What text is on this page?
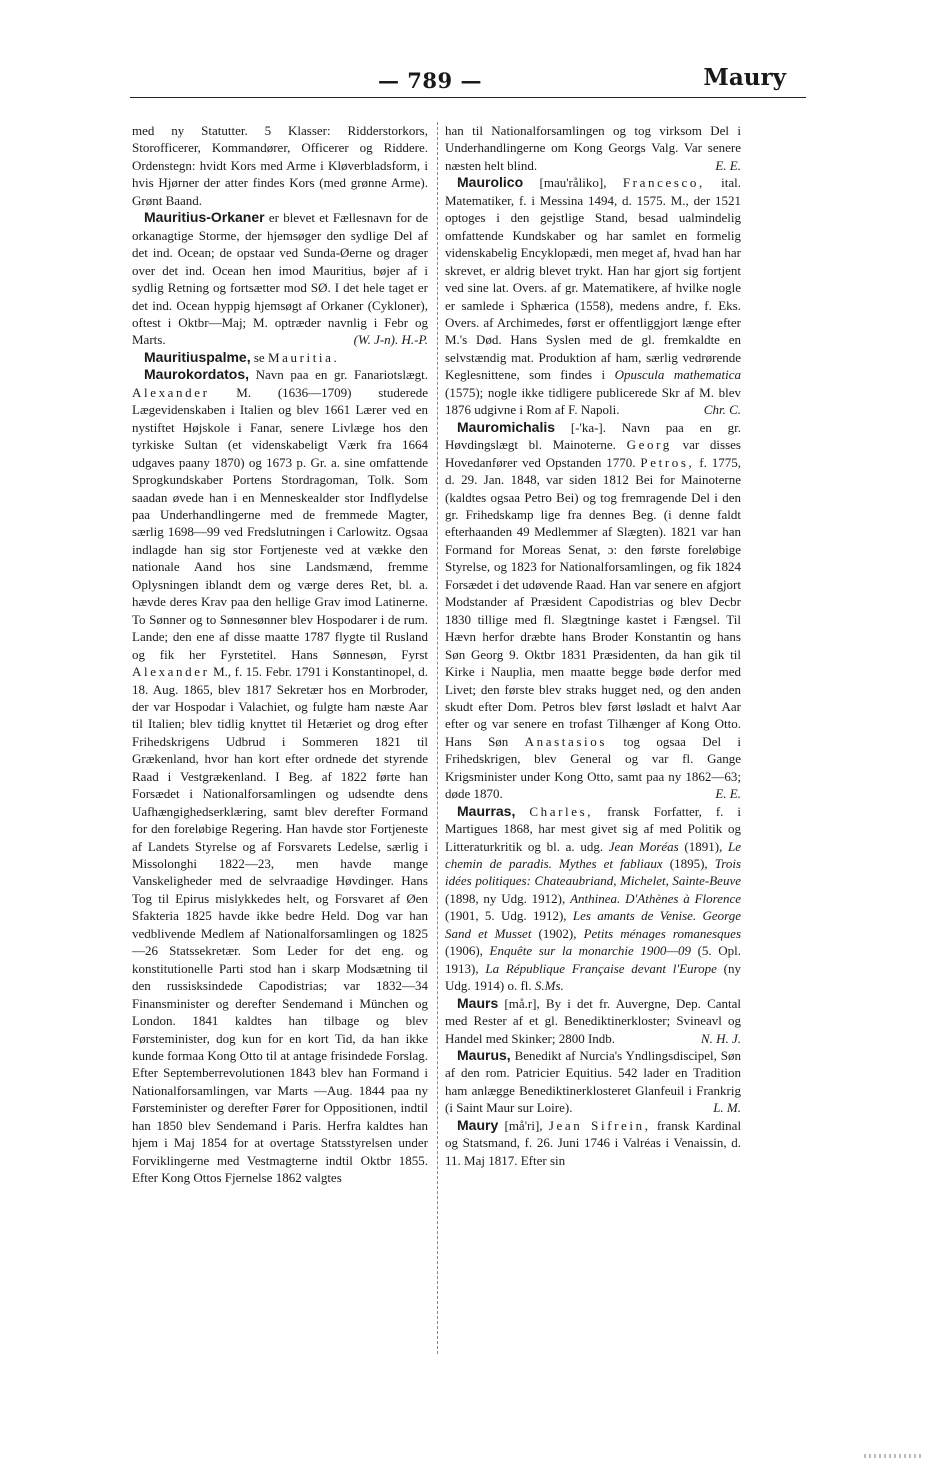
— 789 —	Maury

med ny Statutter. 5 Klasser: Ridderstorkors, Storofficerer, Kommandører, Officerer og Riddere. Ordenstegn: hvidt Kors med Arme i Kløverbladsform, i hvis Hjørner der atter findes Kors (med grønne Arme). Grønt Baand.

Mauritius-Orkaner er blevet et Fællesnavn for de orkanagtige Storme, der hjemsøger den sydlige Del af det ind. Ocean; de opstaar ved Sunda-Øerne og drager over det ind. Ocean hen imod Mauritius, bøjer af i sydlig Retning og fortsætter mod SØ. I det hele taget er det ind. Ocean hyppig hjemsøgt af Orkaner (Cykloner), oftest i Oktbr—Maj; M. optræder navnlig i Febr og Marts.	(W. J-n). H.-P.

Mauritiuspalme, se Mauritia.

Maurokordatos, Navn paa en gr. Fanariotslægt. Alexander M. (1636—1709) studerede Lægevidenskaben i Italien og blev 1661 Lærer ved en nystiftet Højskole i Fanar, senere Livlæge hos den tyrkiske Sultan (et videnskabeligt Værk fra 1664 udgaves paany 1870) og 1673 p. Gr. a. sine omfattende Sprogkundskaber Portens Stordragoman, Tolk. Som saadan øvede han i en Menneskealder stor Indflydelse paa Underhandlingerne med de fremmede Magter, særlig 1698—99 ved Fredslutningen i Carlowitz. Ogsaa indlagde han sig stor Fortjeneste ved at vække den nationale Aand hos sine Landsmænd, fremme Oplysningen iblandt dem og værge deres Ret, bl. a. hævde deres Krav paa den hellige Grav imod Latinerne. To Sønner og to Sønnesønner blev Hospodarer i de rum. Lande; den ene af disse maatte 1787 flygte til Rusland og fik her Fyrstetitel. Hans Sønnesøn, Fyrst Alexander M., f. 15. Febr. 1791 i Konstantinopel, d. 18. Aug. 1865, blev 1817 Sekretær hos en Morbroder, der var Hospodar i Valachiet, og fulgte ham næste Aar til Italien; blev tidlig knyttet til Hetæriet og drog efter Frihedskrigens Udbrud i Sommeren 1821 til Grækenland, hvor han kort efter ordnede det styrende Raad i Vestgrækenland. I Beg. af 1822 førte han Forsædet i Nationalforsamlingen og udsendte dens Uafhængighedserklæring, samt blev derefter Formand for den foreløbige Regering. Han havde stor Fortjeneste af Landets Styrelse og af Forsvarets Ledelse, særlig i Missolonghi 1822—23, men havde mange Vanskeligheder med de selvraadige Høvdinger. Hans Tog til Epirus mislykkedes helt, og Forsvaret af Øen Sfakteria 1825 havde ikke bedre Held. Dog var han vedblivende Medlem af Nationalforsamlingen og 1825—26 Statssekretær. Som Leder for det eng. og konstitutionelle Parti stod han i skarp Modsætning til den russisksindede Capodistrias; var 1832—34 Finansminister og derefter Sendemand i München og London. 1841 kaldtes han tilbage og blev Førsteminister, dog kun for en kort Tid, da han ikke kunde formaa Kong Otto til at antage frisindede Forslag. Efter Septemberrevolutionen 1843 blev han Formand i Nationalforsamlingen, var Marts —Aug. 1844 paa ny Førsteminister og derefter Fører for Oppositionen, indtil han 1850 blev Sendemand i Paris. Herfra kaldtes han hjem i Maj 1854 for at overtage Statsstyrelsen under Forviklingerne med Vestmagterne indtil Oktbr 1855. Efter Kong Ottos Fjernelse 1862 valgtes

han til Nationalforsamlingen og tog virksom Del i Underhandlingerne om Kong Georgs Valg. Var senere næsten helt blind.	E. E.

Maurolico [mau'råliko], Francesco, ital. Matematiker, f. i Messina 1494, d. 1575. M., der 1521 optoges i den gejstlige Stand, besad ualmindelig omfattende Kundskaber og har samlet en formelig videnskabelig Encyklopædi, men meget af, hvad han har skrevet, er aldrig blevet trykt. Han har gjort sig fortjent ved sine lat. Overs. af gr. Matematikere, af hvilke nogle er samlede i Sphærica (1558), medens andre, f. Eks. Overs. af Archimedes, først er offentliggjort længe efter M.'s Død. Hans Syslen med de gl. fremkaldte en selvstændig mat. Produktion af ham, særlig vedrørende Keglesnittene, som findes i Opuscula mathematica (1575); nogle ikke tidligere publicerede Skr af M. blev 1876 udgivne i Rom af F. Napoli.	Chr. C.

Mauromichalis [-'ka-]. Navn paa en gr. Høvdingslægt bl. Mainoterne. Georg var disses Hovedanfører ved Opstanden 1770. Petros, f. 1775, d. 29. Jan. 1848, var siden 1812 Bei for Mainoterne (kaldtes ogsaa Petro Bei) og tog fremragende Del i den gr. Frihedskamp lige fra dennes Beg. (i denne faldt efterhaanden 49 Medlemmer af Slægten). 1821 var han Formand for Moreas Senat, ɔ: den første foreløbige Styrelse, og 1823 for Nationalforsamlingen, og fik 1824 Forsædet i det udøvende Raad. Han var senere en afgjort Modstander af Præsident Capodistrias og blev Decbr 1830 tillige med fl. Slægtninge kastet i Fængsel. Til Hævn herfor dræbte hans Broder Konstantin og hans Søn Georg 9. Oktbr 1831 Præsidenten, da han gik til Kirke i Nauplia, men maatte begge bøde derfor med Livet; den første blev straks hugget ned, og den anden skudt efter Dom. Petros blev først løsladt et halvt Aar efter og var senere en trofast Tilhænger af Kong Otto. Hans Søn Anastasios tog ogsaa Del i Frihedskrigen, blev General og var fl. Gange Krigsminister under Kong Otto, samt paa ny 1862—63; døde 1870.	E. E.

Maurras, Charles, fransk Forfatter, f. i Martigues 1868, har mest givet sig af med Politik og Litteraturkritik og bl. a. udg. Jean Moréas (1891), Le chemin de paradis. Mythes et fabliaux (1895), Trois idées politiques: Chateaubriand, Michelet, Sainte-Beuve (1898, ny Udg. 1912), Anthinea. D'Athènes à Florence (1901, 5. Udg. 1912), Les amants de Venise. George Sand et Musset (1902), Petits ménages romanesques (1906), Enquête sur la monarchie 1900—09 (5. Opl. 1913), La République Française devant l'Europe (ny Udg. 1914) o. fl. S.Ms.

Maurs [må.r], By i det fr. Auvergne, Dep. Cantal med Rester af et gl. Benediktinerkloster; Svineavl og Handel med Skinker; 2800 Indb.	N. H. J.

Maurus, Benedikt af Nurcia's Yndlingsdiscipel, Søn af den rom. Patricier Equitius. 542 lader en Tradition ham anlægge Benediktinerklosteret Glanfeuil i Frankrig (i Saint Maur sur Loire).	L. M.

Maury [må'ri], Jean Sifrein, fransk Kardinal og Statsmand, f. 26. Juni 1746 i Valréas i Venaissin, d. 11. Maj 1817. Efter sin
